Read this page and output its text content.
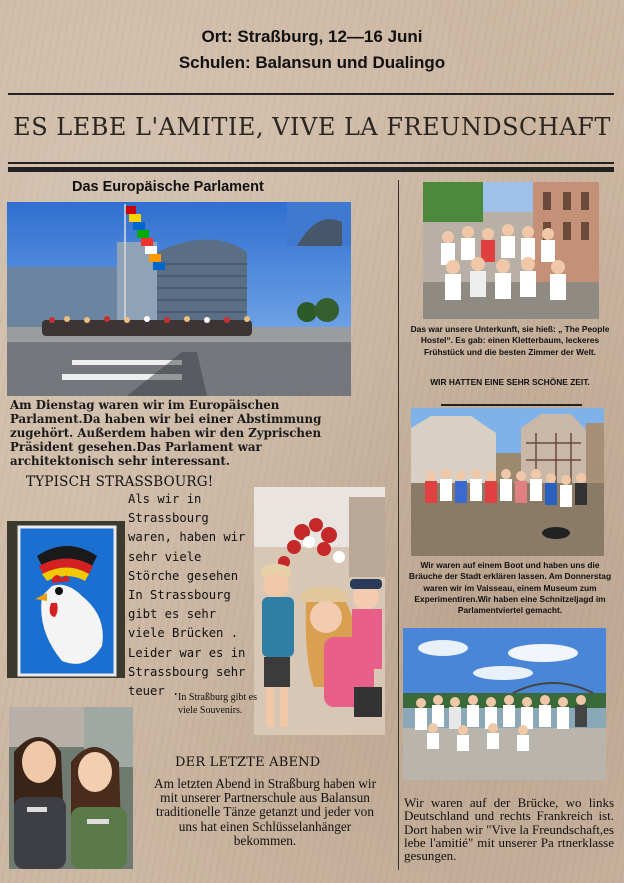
Ort: Straßburg, 12—16 Juni
Schulen: Balansun und Dualingo
ES LEBE L'AMITIE, VIVE LA FREUNDSCHAFT
Das Europäische Parlament
Am Dienstag waren wir im Europäischen Parlament.Da haben wir bei einer Abstimmung zugehört. Außerdem haben wir den Zyprischen Präsident gesehen.Das Parlament war architektonisch sehr interessant.
TYPISCH STRASSBOURG!
Als wir in Strassbourg waren, haben wir sehr viele Störche gesehen In Strassbourg gibt es sehr viele Brücken . Leider war es in Strassbourg sehr teuer .
In Straßburg gibt es viele Souvenirs.
DER LETZTE ABEND
Am letzten Abend in Straßburg haben wir mit unserer Partnerschule aus Balansun traditionelle Tänze getanzt und jeder von uns hat einen Schlüsselanhänger bekommen.
Das war unsere Unterkunft, sie hieß: „ The People Hostel“. Es gab: einen Kletterbaum, leckeres Frühstück und die besten Zimmer der Welt.
WIR HATTEN EINE SEHR SCHÖNE ZEIT.
Wir waren auf einem Boot und haben uns die Bräuche der Stadt erklären lassen. Am Donnerstag waren wir im Vaisseau, einem Museum zum Experimentiren.Wir haben eine Schnitzeljagd im Parlamentviertel gemacht.
Wir waren auf der Brücke, wo links Deutschland und rechts Frankreich ist. Dort haben wir "Vive la Freundschaft,es lebe l'amitié" mit unserer Pa rtnerklasse gesungen.
